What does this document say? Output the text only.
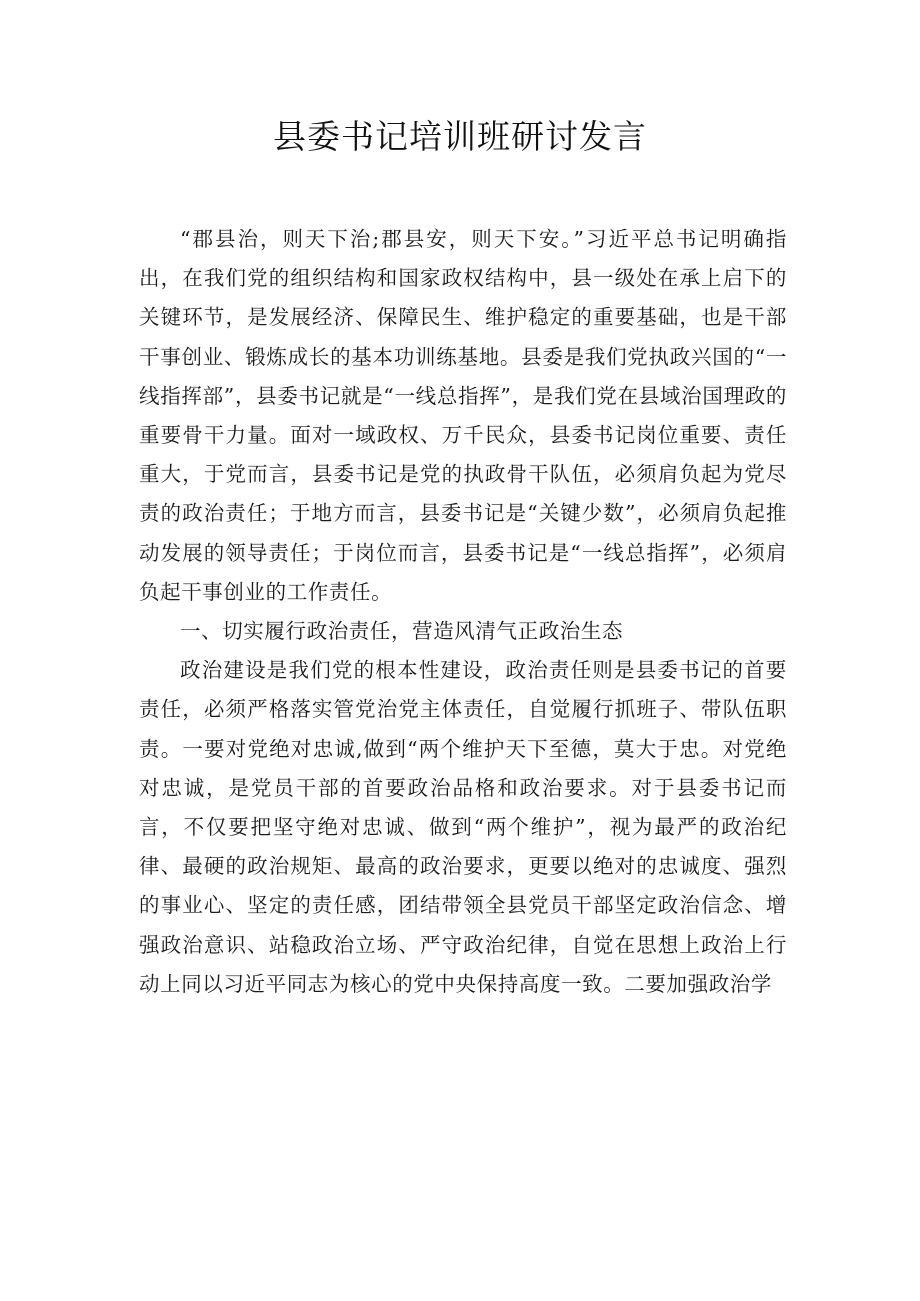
县委书记培训班研讨发言

“郡县治，则天下治;郡县安，则天下安。”习近平总书记明确指出，在我们党的组织结构和国家政权结构中，县一级处在承上启下的关键环节，是发展经济、保障民生、维护稳定的重要基础，也是干部干事创业、锻炼成长的基本功训练基地。县委是我们党执政兴国的“一线指挥部”，县委书记就是“一线总指挥”，是我们党在县域治国理政的重要骨干力量。面对一域政权、万千民众，县委书记岗位重要、责任重大，于党而言，县委书记是党的执政骨干队伍，必须肩负起为党尽责的政治责任；于地方而言，县委书记是“关键少数”，必须肩负起推动发展的领导责任；于岗位而言，县委书记是“一线总指挥”，必须肩负起干事创业的工作责任。

一、切实履行政治责任，营造风清气正政治生态

政治建设是我们党的根本性建设，政治责任则是县委书记的首要责任，必须严格落实管党治党主体责任，自觉履行抓班子、带队伍职责。一要对党绝对忠诚,做到“两个维护天下至德，莫大于忠。对党绝对忠诚，是党员干部的首要政治品格和政治要求。对于县委书记而言，不仅要把坚守绝对忠诚、做到“两个维护”，视为最严的政治纪律、最硬的政治规矩、最高的政治要求，更要以绝对的忠诚度、强烈的事业心、坚定的责任感，团结带领全县党员干部坚定政治信念、增强政治意识、站稳政治立场、严守政治纪律，自觉在思想上政治上行动上同以习近平同志为核心的党中央保持高度一致。二要加强政治学
